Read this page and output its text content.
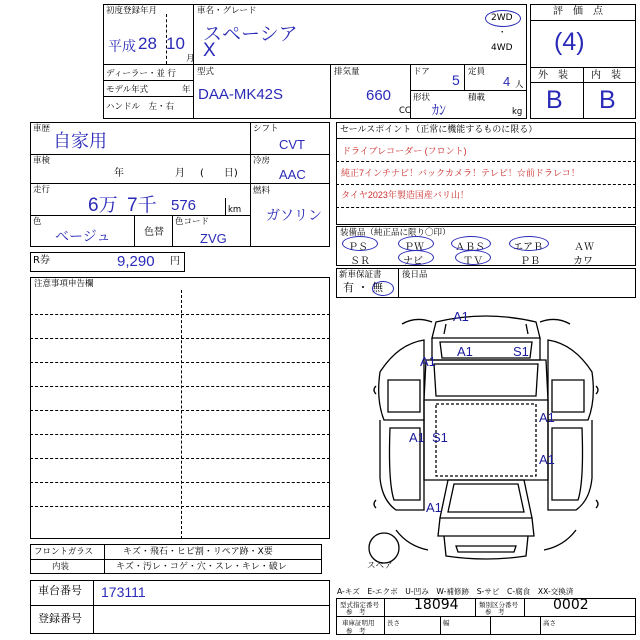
初度登録年月
平成 28 10
月
車名・グレード
スペーシア
X
2WD
・
4WD
ディーラー・並 行
モデル年式	年
ハンドル　左・右
型式
DAA-MK42S
排気量
660
CC
ドア 5 定員
4 人
形状
ｶﾝ
積載
kg
評　価　点
(4)
外　装 内　装
B B
車歴
自家用
車検
年	月 (　　日)
走行
6万 7千 576	km
色
ベージュ	色替
色コード
ZVG
シフト
CVT
冷房
AAC
燃料
ガソリン
R券	9,290 円
注意事項申告欄
セールスポイント（正常に機能するものに限る）
ドライブレコーダー (フロント)
純正7インチナビ！バックカメラ！テレビ！☆前ドラレコ！
タイヤ2023年製造国産バリ山！
装備品（純正品に限り〇印）
ＰＳ	ＰＷ	ＡＢＳ	エアＢ	ＡＷ
ＳＲ	ナビ	ＴＶ	ＰＢ	カワ
新車保証書
有 ・ 無
後日品
A1
A1	S1
A1
A1
A1 S1
A1
A1
スペア
フロントガラス	キズ・飛石・ヒビ割・リペア跡・X要
内装	キズ・汚レ・コゲ・穴・スレ・キレ・破レ
車台番号 173111
登録番号
A-キズ　E-エクボ　U-凹み　W-補修跡　S-サビ　C-腐食　XX-交換済
型式指定番号
参　考	18094	類別区分番号
参　考	0002
車庫証明用
参　考
長さ	幅	高さ
